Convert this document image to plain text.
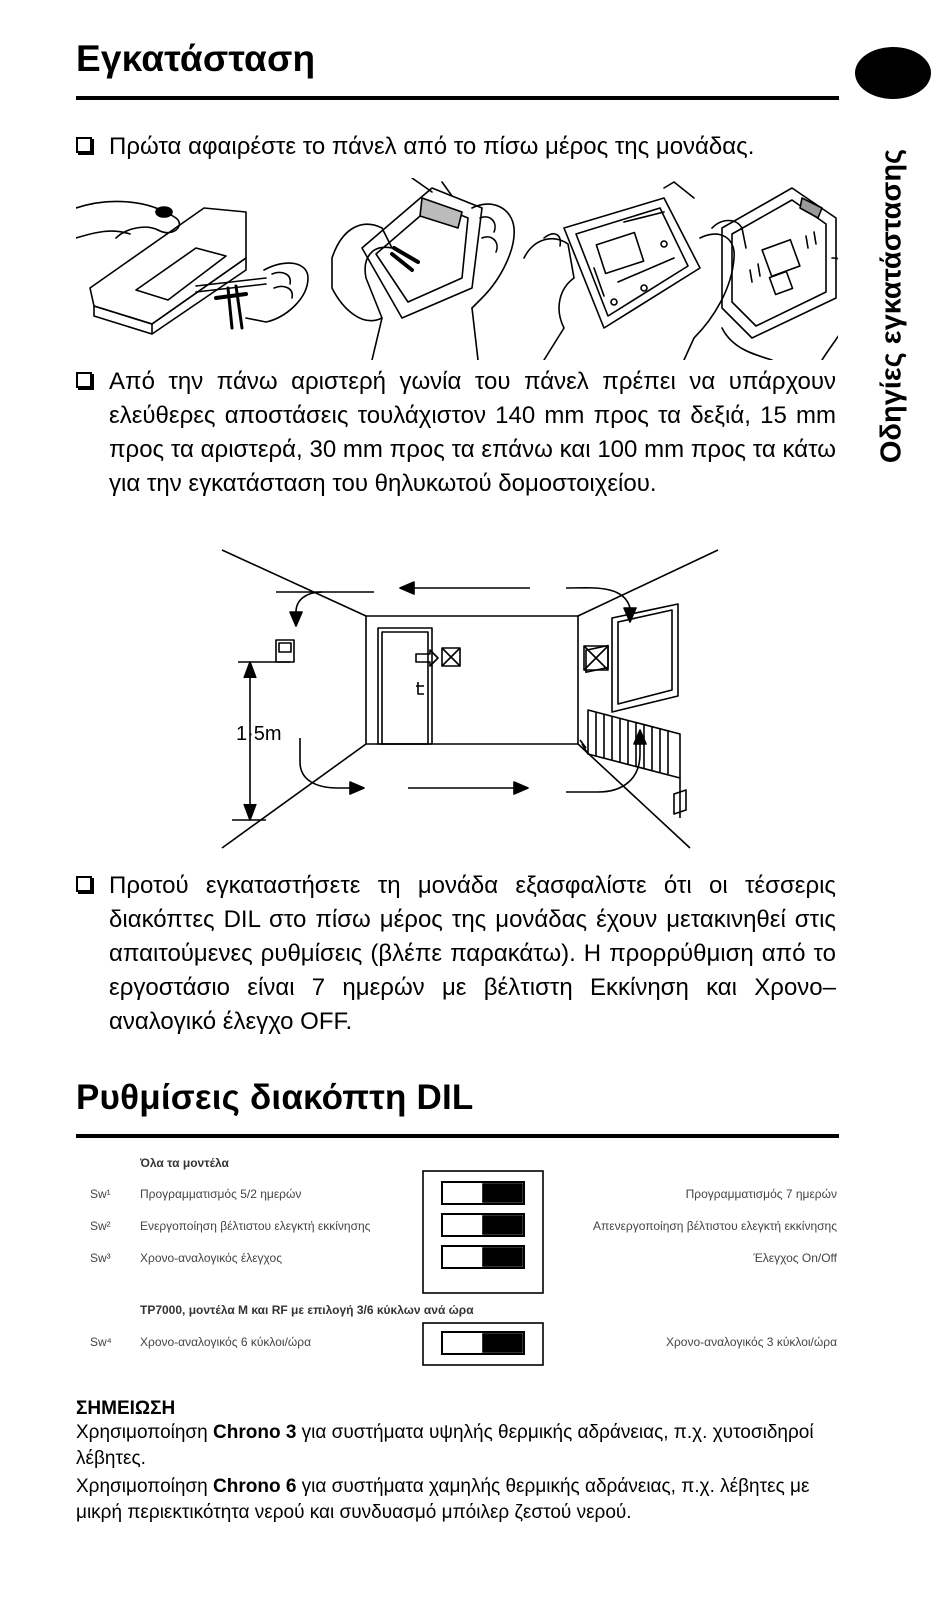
Εγκατάσταση
Οδηγίες εγκατάστασης
Πρώτα αφαιρέστε το πάνελ από το πίσω μέρος της μονάδας.
Από την πάνω αριστερή γωνία του πάνελ πρέπει να υπάρχουν ελεύθερες αποστάσεις τουλάχιστον 140 mm προς τα δεξιά, 15 mm προς τα αριστερά, 30 mm προς τα επάνω και 100 mm προς τα κάτω για την εγκατάσταση του θηλυκωτού δομοστοιχείου.
1·5m
Προτού εγκαταστήσετε τη μονάδα εξασφαλίστε ότι οι τέσσερις διακόπτες DIL στο πίσω μέρος της μονάδας έχουν μετακινηθεί στις απαιτούμενες ρυθμίσεις (βλέπε παρακάτω). Η προρρύθμιση από το εργοστάσιο είναι 7 ημερών με βέλτιστη Εκκίνηση και Χρονο–αναλογικό έλεγχο OFF.
Ρυθμίσεις διακόπτη DIL
Όλα τα μοντέλα
Sw¹ Προγραμματισμός 5/2 ημερών	Προγραμματισμός 7 ημερών
Sw² Ενεργοποίηση βέλτιστου ελεγκτή εκκίνησης	Απενεργοποίηση βέλτιστου ελεγκτή εκκίνησης
Sw³ Χρονο-αναλογικός έλεγχος	Έλεγχος On/Off
TP7000, μοντέλα M και RF με επιλογή 3/6 κύκλων ανά ώρα
Sw⁴ Χρονο-αναλογικός 6 κύκλοι/ώρα	Χρονο-αναλογικός 3 κύκλοι/ώρα
ΣΗΜΕΙΩΣΗ
Χρησιμοποίηση Chrono 3 για συστήματα υψηλής θερμικής αδράνειας, π.χ. χυτοσιδηροί λέβητες.
Χρησιμοποίηση Chrono 6 για συστήματα χαμηλής θερμικής αδράνειας, π.χ. λέβητες με μικρή περιεκτικότητα νερού και συνδυασμό μπόιλερ ζεστού νερού.
